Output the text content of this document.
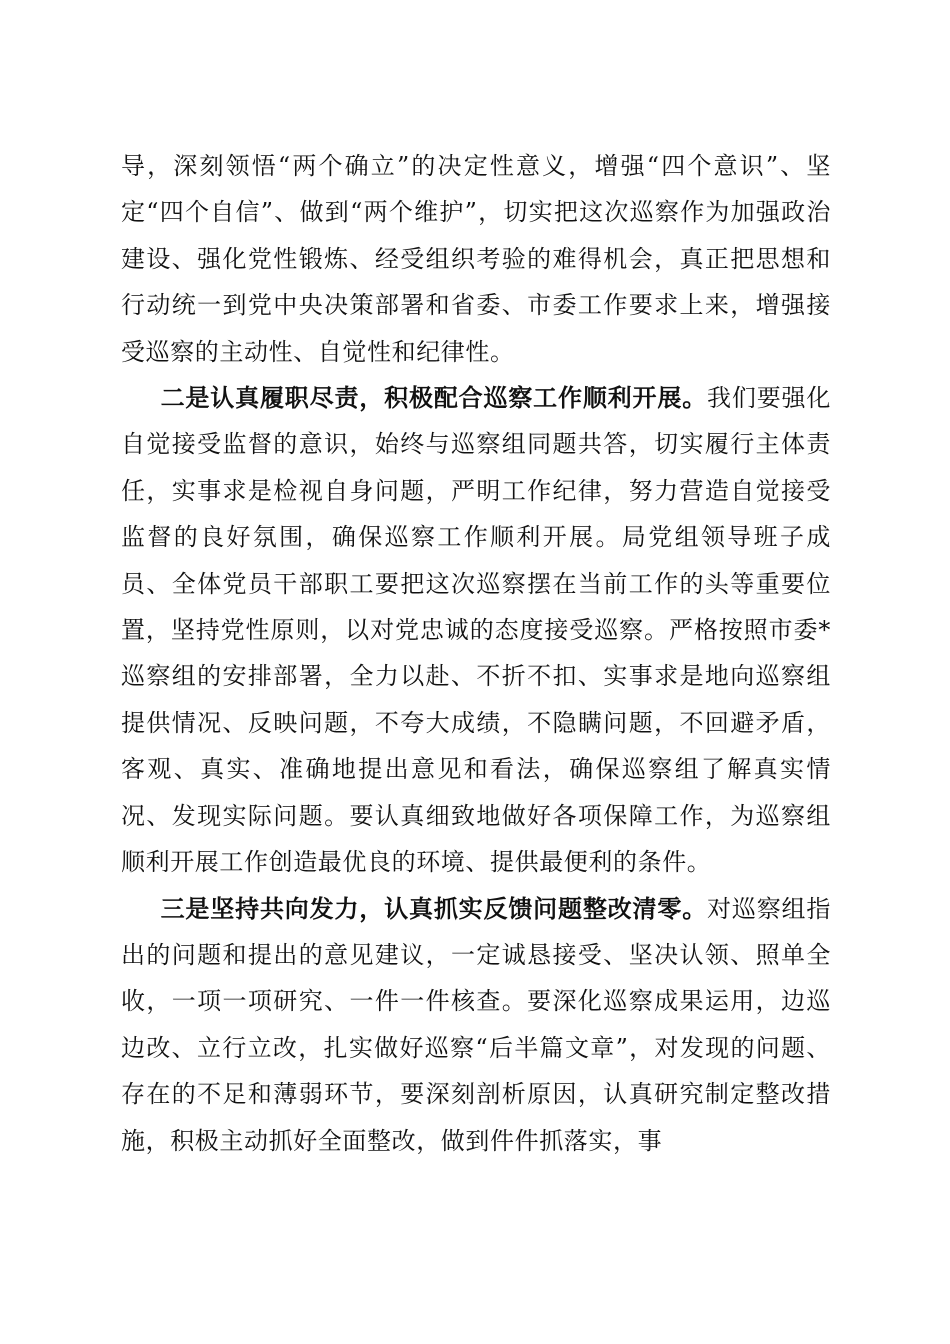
导，深刻领悟“两个确立”的决定性意义，增强“四个意识”、坚定“四个自信”、做到“两个维护”，切实把这次巡察作为加强政治建设、强化党性锻炼、经受组织考验的难得机会，真正把思想和行动统一到党中央决策部署和省委、市委工作要求上来，增强接受巡察的主动性、自觉性和纪律性。

二是认真履职尽责，积极配合巡察工作顺利开展。我们要强化自觉接受监督的意识，始终与巡察组同题共答，切实履行主体责任，实事求是检视自身问题，严明工作纪律，努力营造自觉接受监督的良好氛围，确保巡察工作顺利开展。局党组领导班子成员、全体党员干部职工要把这次巡察摆在当前工作的头等重要位置，坚持党性原则，以对党忠诚的态度接受巡察。严格按照市委*巡察组的安排部署，全力以赴、不折不扣、实事求是地向巡察组提供情况、反映问题，不夸大成绩，不隐瞒问题，不回避矛盾，客观、真实、准确地提出意见和看法，确保巡察组了解真实情况、发现实际问题。要认真细致地做好各项保障工作，为巡察组顺利开展工作创造最优良的环境、提供最便利的条件。

三是坚持共向发力，认真抓实反馈问题整改清零。对巡察组指出的问题和提出的意见建议，一定诚恳接受、坚决认领、照单全收，一项一项研究、一件一件核查。要深化巡察成果运用，边巡边改、立行立改，扎实做好巡察“后半篇文章”，对发现的问题、存在的不足和薄弱环节，要深刻剖析原因，认真研究制定整改措施，积极主动抓好全面整改，做到件件抓落实，事
